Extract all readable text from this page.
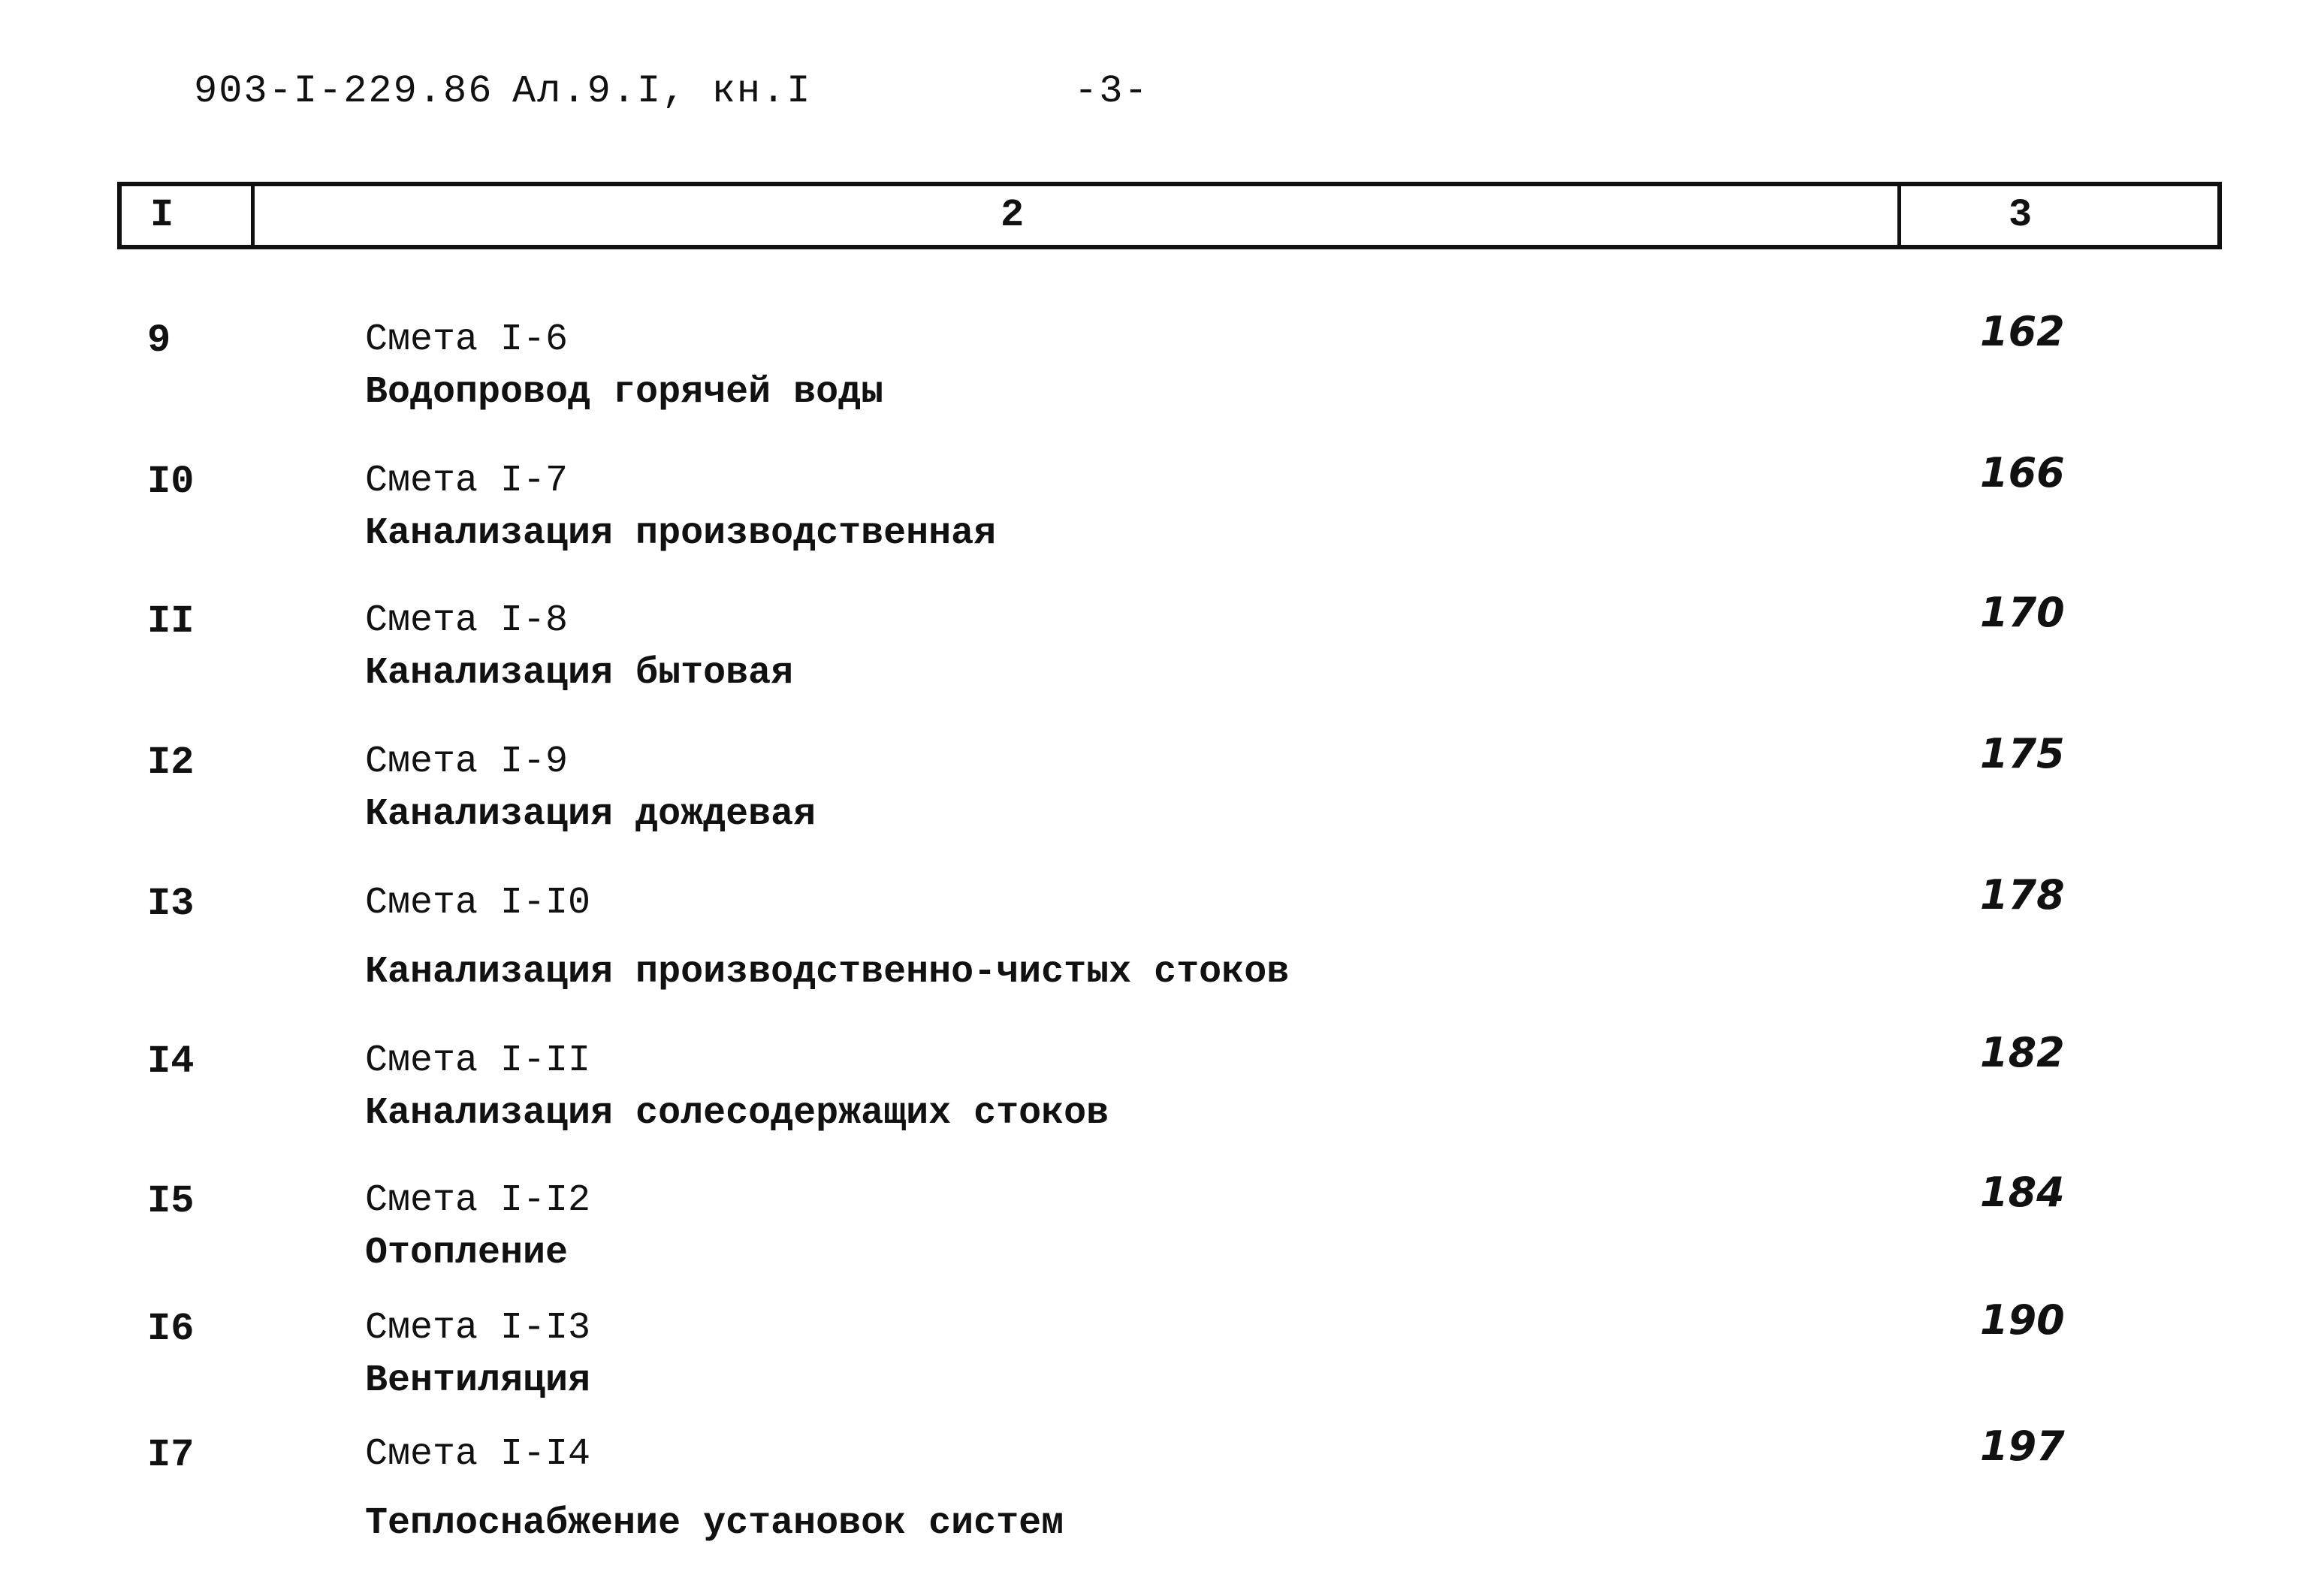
903-I-229.86 Ал.9.I, кн.I	-3-
I	2	3
9	Смета I-6
Водопровод горячей воды
162
I0	Смета I-7
Канализация производственная
166
II	Смета I-8
Канализация бытовая
170
I2	Смета I-9
Канализация дождевая
175
I3	Смета I-I0
Канализация производственно-чистых стоков
178
I4	Смета I-II
Канализация солесодержащих стоков
182
I5	Смета I-I2
Отопление
184
I6	Смета I-I3
Вентиляция
190
I7	Смета I-I4
Теплоснабжение установок систем
197
